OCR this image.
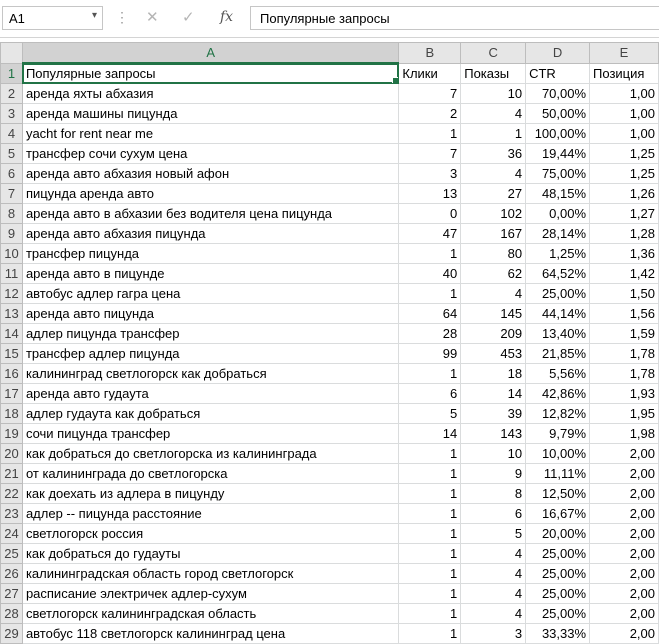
A1	▾ ⋮ ✕ ✓ fx Популярные запросы
	A	B	C	D	E
1	Популярные запросы	Клики	Показы	CTR	Позиция
2	аренда яхты абхазия	7	10	70,00%	1,00
3	аренда машины пицунда	2	4	50,00%	1,00
4	yacht for rent near me	1	1	100,00%	1,00
5	трансфер сочи сухум цена	7	36	19,44%	1,25
6	аренда авто абхазия новый афон	3	4	75,00%	1,25
7	пицунда аренда авто	13	27	48,15%	1,26
8	аренда авто в абхазии без водителя цена пицунда	0	102	0,00%	1,27
9	аренда авто абхазия пицунда	47	167	28,14%	1,28
10	трансфер пицунда	1	80	1,25%	1,36
11	аренда авто в пицунде	40	62	64,52%	1,42
12	автобус адлер гагра цена	1	4	25,00%	1,50
13	аренда авто пицунда	64	145	44,14%	1,56
14	адлер пицунда трансфер	28	209	13,40%	1,59
15	трансфер адлер пицунда	99	453	21,85%	1,78
16	калининград светлогорск как добраться	1	18	5,56%	1,78
17	аренда авто гудаута	6	14	42,86%	1,93
18	адлер гудаута как добраться	5	39	12,82%	1,95
19	сочи пицунда трансфер	14	143	9,79%	1,98
20	как добраться до светлогорска из калининграда	1	10	10,00%	2,00
21	от калининграда до светлогорска	1	9	11,11%	2,00
22	как доехать из адлера в пицунду	1	8	12,50%	2,00
23	адлер -- пицунда расстояние	1	6	16,67%	2,00
24	светлогорск россия	1	5	20,00%	2,00
25	как добраться до гудауты	1	4	25,00%	2,00
26	калининградская область город светлогорск	1	4	25,00%	2,00
27	расписание электричек адлер-сухум	1	4	25,00%	2,00
28	светлогорск калининградская область	1	4	25,00%	2,00
29	автобус 118 светлогорск калининград цена	1	3	33,33%	2,00
